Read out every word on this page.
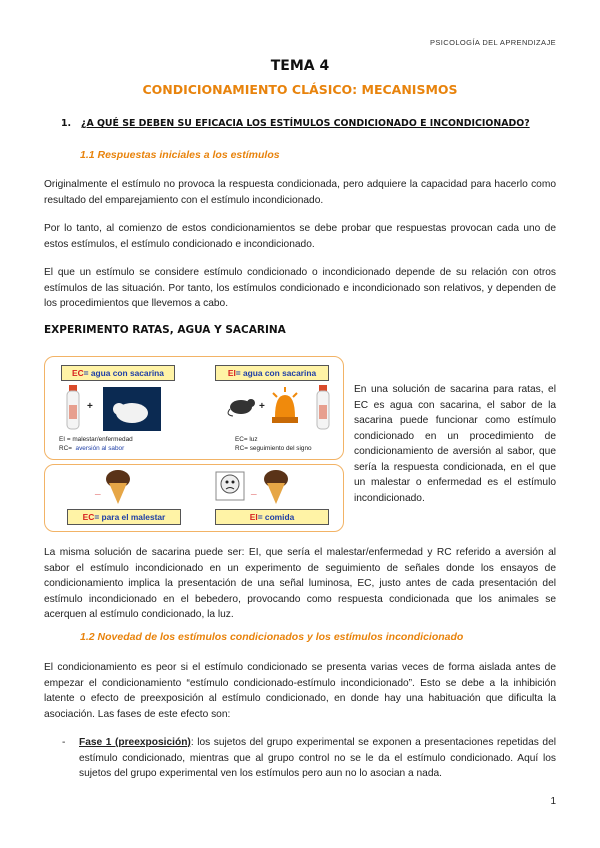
PSICOLOGÍA DEL APRENDIZAJE
TEMA 4
CONDICIONAMIENTO CLÁSICO: MECANISMOS
1. ¿A QUÉ SE DEBEN SU EFICACIA LOS ESTÍMULOS CONDICIONADO E INCONDICIONADO?
1.1 Respuestas iniciales a los estímulos
Originalmente el estímulo no provoca la respuesta condicionada, pero adquiere la capacidad para hacerlo como resultado del emparejamiento con el estímulo incondicionado.
Por lo tanto, al comienzo de estos condicionamientos se debe probar que respuestas provocan cada uno de estos estímulos, el estímulo condicionado e incondicionado.
El que un estímulo se considere estímulo condicionado o incondicionado depende de su relación con otros estímulos de las situación. Por tanto, los estímulos condicionado e incondicionado son relativos, y dependen de los procedimientos que llevemos a cabo.
EXPERIMENTO RATAS, AGUA Y SACARINA
EC= agua con sacarina	EI= agua con sacarina
+
EI = malestar/enfermedad
RC= aversión al sabor
+
EC= luz
RC= seguimiento del signo
_	_
EC= para el malestar	EI= comida
En una solución de sacarina para ratas, el EC es agua con sacarina, el sabor de la sacarina puede funcionar como estímulo condicionado en un procedimiento de condicionamiento de aversión al sabor, que sería la respuesta condicionada, en el que un malestar o enfermedad es el estímulo incondicionado.
La misma solución de sacarina puede ser: EI, que sería el malestar/enfermedad y RC referido a aversión al sabor el estímulo incondicionado en un experimento de seguimiento de señales donde los ensayos de condicionamiento implica la presentación de una señal luminosa, EC, justo antes de cada presentación del estímulo incondicionado en el bebedero, provocando como respuesta condicionada que los animales se acerquen al estímulo condicionado, la luz.
1.2 Novedad de los estímulos condicionados y los estímulos incondicionado
El condicionamiento es peor si el estímulo condicionado se presenta varias veces de forma aislada antes de empezar el condicionamiento “estímulo condicionado-estímulo incondicionado”. Esto se debe a la inhibición latente o efecto de preexposición al estímulo condicionado, en donde hay una habituación que dificulta la asociación. Las fases de este efecto son:
- Fase 1 (preexposición): los sujetos del grupo experimental se exponen a presentaciones repetidas del estímulo condicionado, mientras que al grupo control no se le da el estímulo condicionado. Aquí los sujetos del grupo experimental ven los estímulos pero aun no lo asocian a nada.
1
